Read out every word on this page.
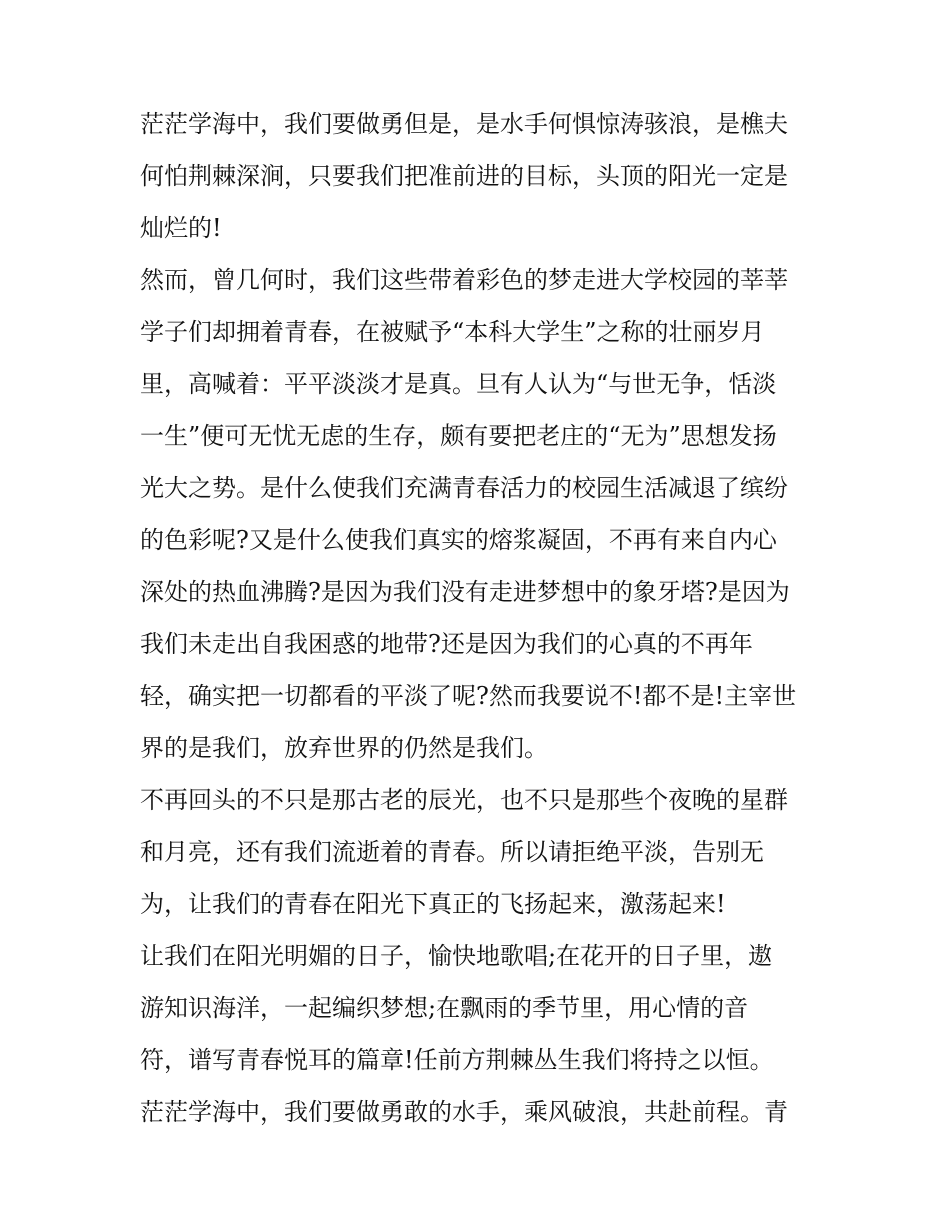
茫茫学海中，我们要做勇但是，是水手何惧惊涛骇浪，是樵夫
何怕荆棘深涧，只要我们把准前进的目标，头顶的阳光一定是
灿烂的!
然而，曾几何时，我们这些带着彩色的梦走进大学校园的莘莘
学子们却拥着青春，在被赋予“本科大学生”之称的壮丽岁月
里，高喊着：平平淡淡才是真。旦有人认为“与世无争，恬淡
一生”便可无忧无虑的生存，颇有要把老庄的“无为”思想发扬
光大之势。是什么使我们充满青春活力的校园生活减退了缤纷
的色彩呢?又是什么使我们真实的熔浆凝固，不再有来自内心
深处的热血沸腾?是因为我们没有走进梦想中的象牙塔?是因为
我们未走出自我困惑的地带?还是因为我们的心真的不再年
轻，确实把一切都看的平淡了呢?然而我要说不!都不是!主宰世
界的是我们，放弃世界的仍然是我们。
不再回头的不只是那古老的辰光，也不只是那些个夜晚的星群
和月亮，还有我们流逝着的青春。所以请拒绝平淡，告别无
为，让我们的青春在阳光下真正的飞扬起来，激荡起来!
让我们在阳光明媚的日子，愉快地歌唱;在花开的日子里，遨
游知识海洋，一起编织梦想;在飘雨的季节里，用心情的音
符，谱写青春悦耳的篇章!任前方荆棘丛生我们将持之以恒。
茫茫学海中，我们要做勇敢的水手，乘风破浪，共赴前程。青
